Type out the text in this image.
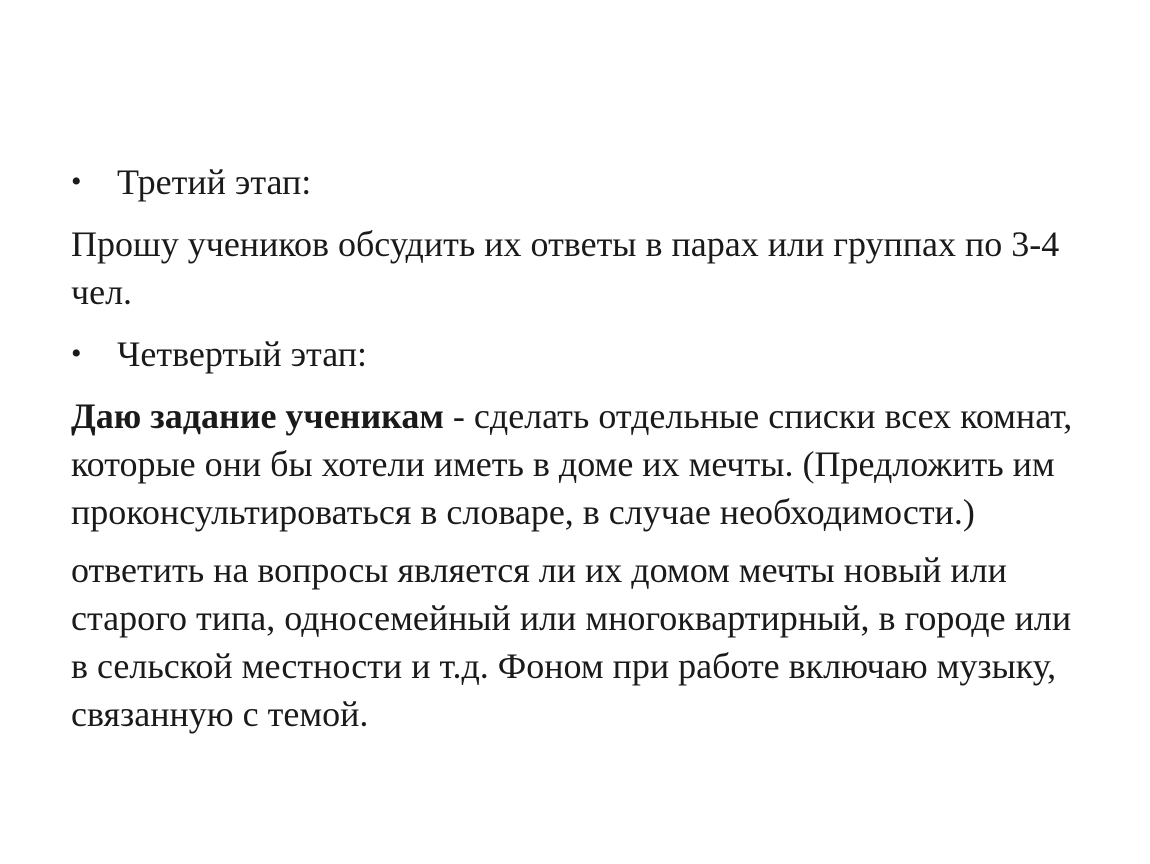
• Третий этап:

Прошу учеников обсудить их ответы в парах или группах по 3-4 чел.

• Четвертый этап:

Даю задание ученикам - сделать отдельные списки всех комнат, которые они бы хотели иметь в доме их мечты. (Предложить им проконсультироваться в словаре, в случае необходимости.)

ответить на вопросы является ли их домом мечты новый или старого типа, односемейный или многоквартирный, в городе или в сельской местности и т.д. Фоном при работе включаю музыку, связанную с темой.
